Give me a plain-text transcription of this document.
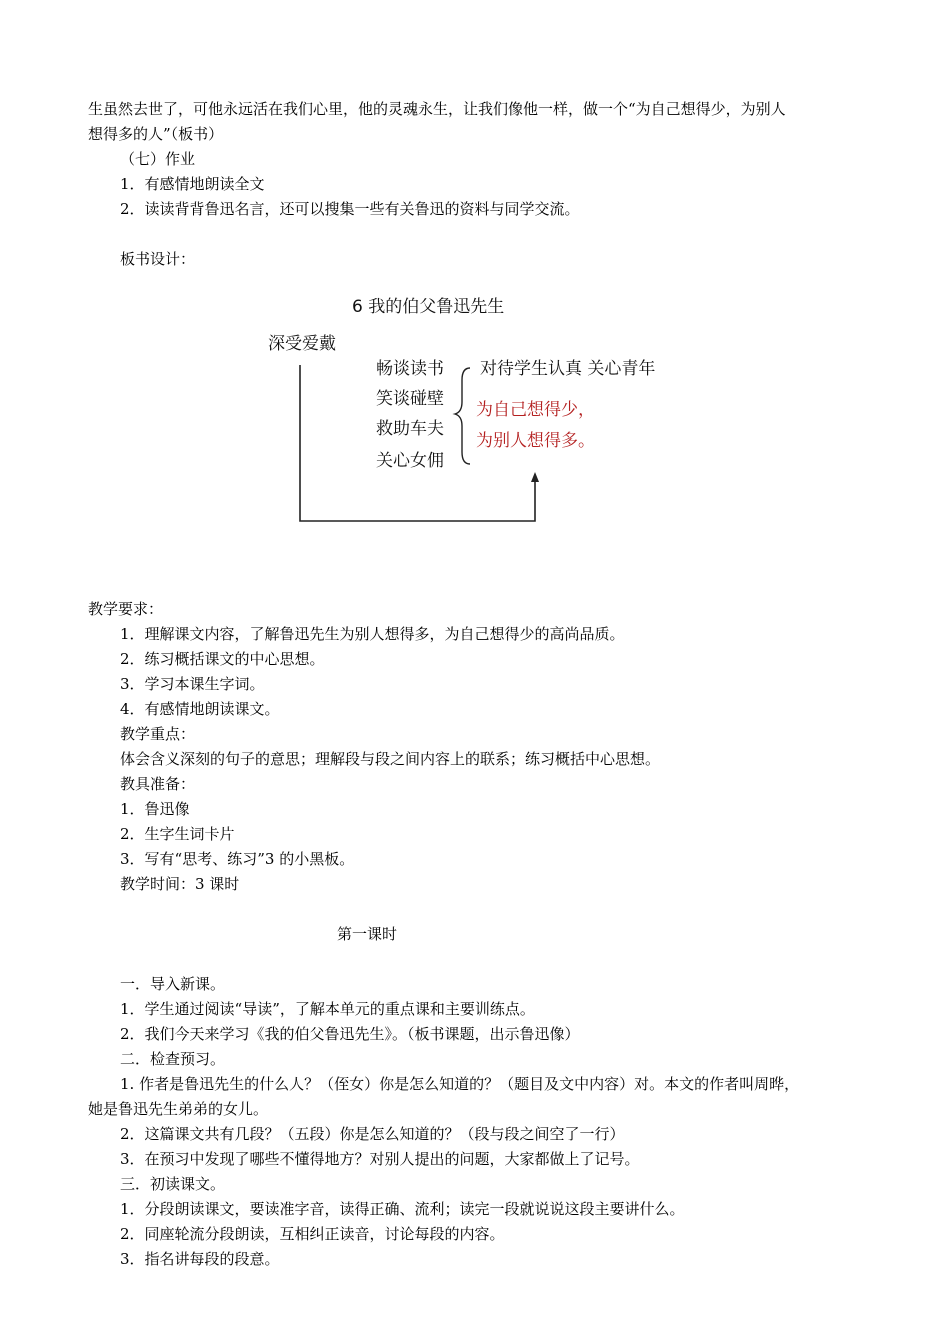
生虽然去世了，可他永远活在我们心里，他的灵魂永生，让我们像他一样，做一个“为自己想得少，为别人
想得多的人”（板书）
（七）作业
1．有感情地朗读全文
2．读读背背鲁迅名言，还可以搜集一些有关鲁迅的资料与同学交流。
板书设计：
6 我的伯父鲁迅先生
深受爱戴
畅谈读书
笑谈碰壁
救助车夫
关心女佣
对待学生认真 关心青年
为自己想得少，
为别人想得多。
教学要求：
1．理解课文内容，了解鲁迅先生为别人想得多，为自己想得少的高尚品质。
2．练习概括课文的中心思想。
3．学习本课生字词。
4．有感情地朗读课文。
教学重点：
体会含义深刻的句子的意思；理解段与段之间内容上的联系；练习概括中心思想。
教具准备：
1．鲁迅像
2．生字生词卡片
3．写有“思考、练习”3 的小黑板。
教学时间：3 课时
第一课时
一．导入新课。
1．学生通过阅读“导读”，了解本单元的重点课和主要训练点。
2．我们今天来学习《我的伯父鲁迅先生》。（板书课题，出示鲁迅像）
二．检查预习。
1. 作者是鲁迅先生的什么人？（侄女）你是怎么知道的？（题目及文中内容）对。本文的作者叫周晔，
她是鲁迅先生弟弟的女儿。
2．这篇课文共有几段？（五段）你是怎么知道的？（段与段之间空了一行）
3．在预习中发现了哪些不懂得地方？对别人提出的问题，大家都做上了记号。
三．初读课文。
1．分段朗读课文，要读准字音，读得正确、流利；读完一段就说说这段主要讲什么。
2．同座轮流分段朗读，互相纠正读音，讨论每段的内容。
3．指名讲每段的段意。
